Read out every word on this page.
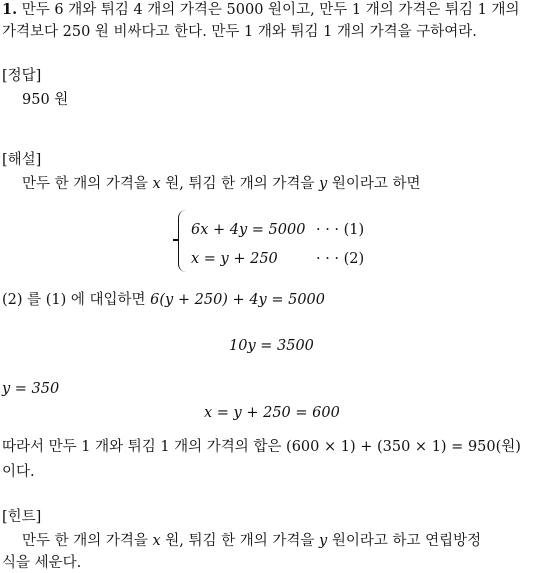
1. 만두 6 개와 튀김 4 개의 가격은 5000 원이고, 만두 1 개의 가격은 튀김 1 개의
가격보다 250 원 비싸다고 한다. 만두 1 개와 튀김 1 개의 가격을 구하여라.
[정답]
950 원
[해설]
만두 한 개의 가격을 x 원, 튀김 한 개의 가격을 y 원이라고 하면
6x + 4y = 5000 · · · (1)
x = y + 250	· · · (2)
(2) 를 (1) 에 대입하면 6(y + 250) + 4y = 5000
10y = 3500
y = 350
x = y + 250 = 600
따라서 만두 1 개와 튀김 1 개의 가격의 합은 (600 × 1) + (350 × 1) = 950(원)
이다.
[힌트]
만두 한 개의 가격을 x 원, 튀김 한 개의 가격을 y 원이라고 하고 연립방정
식을 세운다.
